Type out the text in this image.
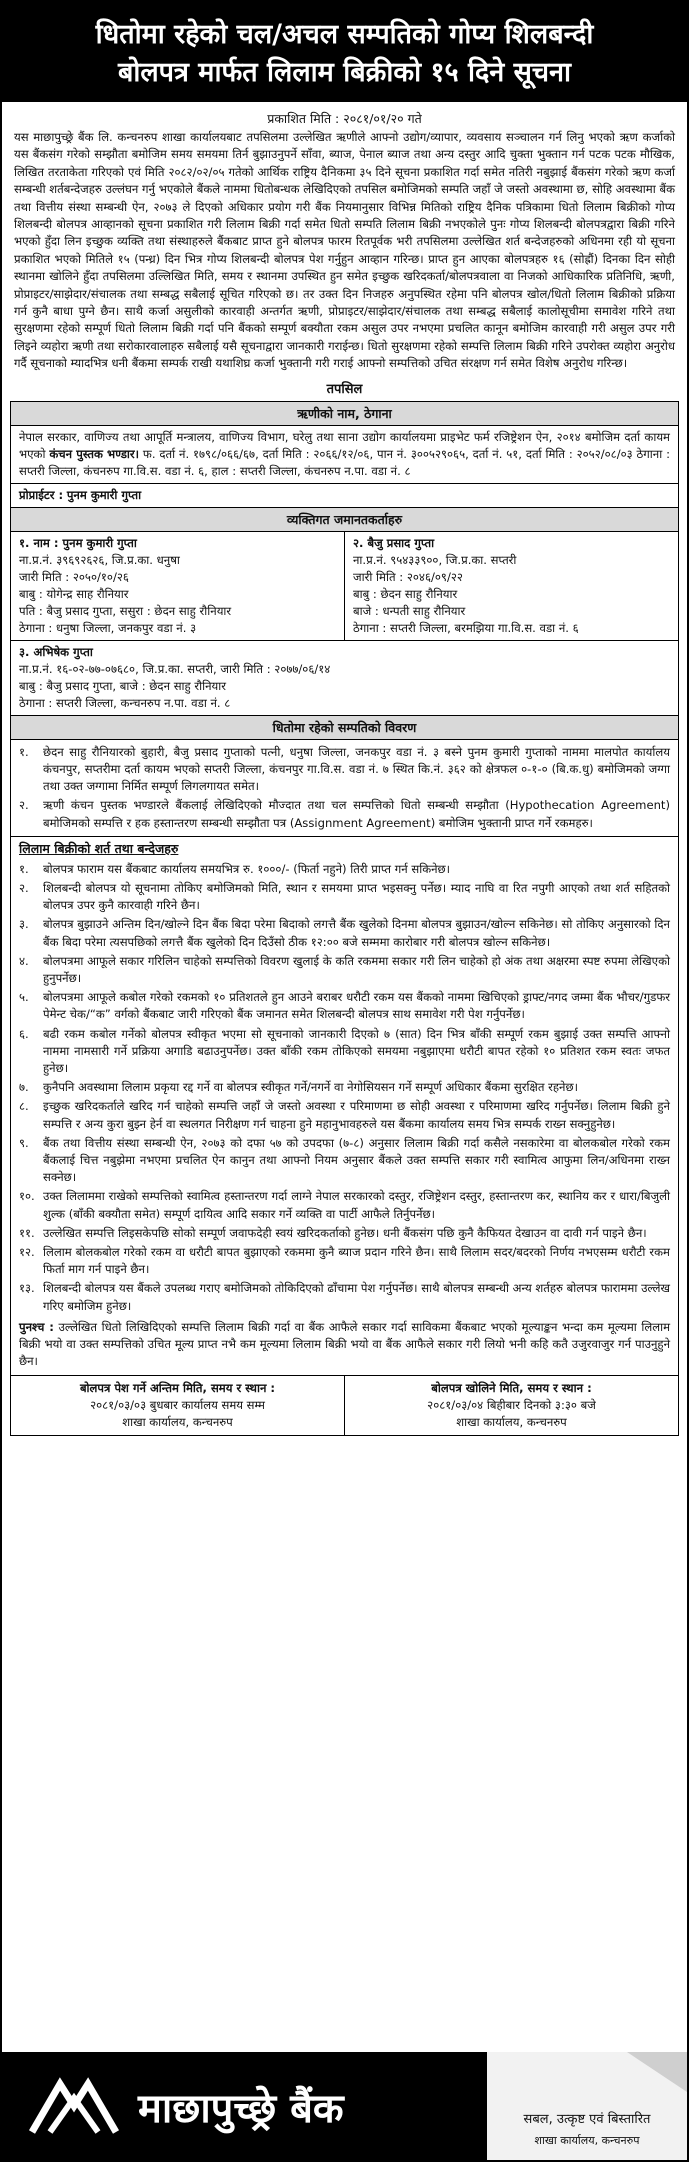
धितोमा रहेको चल/अचल सम्पतिको गोप्य शिलबन्दी
बोलपत्र मार्फत लिलाम बिक्रीको १५ दिने सूचना
प्रकाशित मिति : २०८१/०१/२० गते
यस माछापुच्छ्रे बैंक लि. कन्चनरुप शाखा कार्यालयबाट तपसिलमा उल्लेखित ऋणीले आफ्नो उद्योग/व्यापार, व्यवसाय सञ्चालन गर्न लिनु भएको ऋण कर्जाको यस बैंकसंग गरेको सम्झौता बमोजिम समय समयमा तिर्न बुझाउनुपर्ने साँवा, ब्याज, पेनाल ब्याज तथा अन्य दस्तुर आदि चुक्ता भुक्तान गर्न पटक पटक मौखिक, लिखित तरताकेता गरिएको एवं मिति २०८२/०२/०५ गतेको आर्थिक राष्ट्रिय दैनिकमा ३५ दिने सूचना प्रकाशित गर्दा समेत नतिरी नबुझाई बैंकसंग गरेको ऋण कर्जा सम्बन्धी शर्तबन्देजहरु उल्लंघन गर्नु भएकोले बैंकले नाममा धितोबन्धक लेखिदिएको तपसिल बमोजिमको सम्पति जहाँ जे जस्तो अवस्थामा छ, सोहि अवस्थामा बैंक तथा वित्तीय संस्था सम्बन्धी ऐन, २०७३ ले दिएको अधिकार प्रयोग गरी बैंक नियमानुसार विभिन्न मितिको राष्ट्रिय दैनिक पत्रिकामा धितो लिलाम बिक्रीको गोप्य शिलबन्दी बोलपत्र आव्हानको सूचना प्रकाशित गरी लिलाम बिक्री गर्दा समेत धितो सम्पति लिलाम बिक्री नभएकोले पुनः गोप्य शिलबन्दी बोलपत्रद्वारा बिक्री गरिने भएको हुँदा लिन इच्छुक व्यक्ति तथा संस्थाहरुले बैंकबाट प्राप्त हुने बोलपत्र फारम रितपूर्वक भरी तपसिलमा उल्लेखित शर्त बन्देजहरुको अधिनमा रही यो सूचना प्रकाशित भएको मितिले १५ (पन्ध्र) दिन भित्र गोप्य शिलबन्दी बोलपत्र पेश गर्नुहुन आव्हान गरिन्छ। प्राप्त हुन आएका बोलपत्रहरु १६ (सोह्रौं) दिनका दिन सोही स्थानमा खोलिने हुँदा तपसिलमा उल्लिखित मिति, समय र स्थानमा उपस्थित हुन समेत इच्छुक खरिदकर्ता/बोलपत्रवाला वा निजको आधिकारिक प्रतिनिधि, ऋणी, प्रोप्राइटर/साझेदार/संचालक तथा सम्बद्ध सबैलाई सूचित गरिएको छ। तर उक्त दिन निजहरु अनुपस्थित रहेमा पनि बोलपत्र खोल/धितो लिलाम बिक्रीको प्रक्रिया गर्न कुनै बाधा पुग्ने छैन। साथै कर्जा असुलीको कारवाही अन्तर्गत ऋणी, प्रोप्राइटर/साझेदार/संचालक तथा सम्बद्ध सबैलाई कालोसूचीमा समावेश गरिने तथा सुरक्षणमा रहेको सम्पूर्ण धितो लिलाम बिक्री गर्दा पनि बैंकको सम्पूर्ण बक्यौता रकम असुल उपर नभएमा प्रचलित कानून बमोजिम कारवाही गरी असुल उपर गरी लिइने व्यहोरा ऋणी तथा सरोकारवालाहरु सबैलाई यसै सूचनाद्वारा जानकारी गराईन्छ। धितो सुरक्षणमा रहेको सम्पत्ति लिलाम बिक्री गरिने उपरोक्त व्यहोरा अनुरोध गर्दै सूचनाको म्यादभित्र धनी बैंकमा सम्पर्क राखी यथाशिघ्र कर्जा भुक्तानी गरी गराई आफ्नो सम्पत्तिको उचित संरक्षण गर्न समेत विशेष अनुरोध गरिन्छ।
तपसिल
ऋणीको नाम, ठेगाना
नेपाल सरकार, वाणिज्य तथा आपूर्ति मन्त्रालय, वाणिज्य विभाग, घरेलु तथा साना उद्योग कार्यालयमा प्राइभेट फर्म रजिष्ट्रेशन ऐन, २०१४ बमोजिम दर्ता कायम भएको कंचन पुस्तक भण्डार। फ. दर्ता नं. १७९८/०६६/६७, दर्ता मिति : २०६६/१२/०६, पान नं. ३००५२९०६५, दर्ता नं. ५१, दर्ता मिति : २०५२/०८/०३ ठेगाना : सप्तरी जिल्ला, कंचनरुप गा.वि.स. वडा नं. ६, हाल : सप्तरी जिल्ला, कंचनरुप न.पा. वडा नं. ८
प्रोप्राईटर : पुनम कुमारी गुप्ता
व्यक्तिगत जमानतकर्ताहरु
१. नाम : पुनम कुमारी गुप्ता
ना.प्र.नं. ३९६९२६२६, जि.प्र.का. धनुषा
जारी मिति : २०५०/१०/२६
बाबु : योगेन्द्र साह रौनियार
पति : बैजु प्रसाद गुप्ता, ससुरा : छेदन साहु रौनियार
ठेगाना : धनुषा जिल्ला, जनकपुर वडा नं. ३
२. बैजु प्रसाद गुप्ता
ना.प्र.नं. ९५४३३९००, जि.प्र.का. सप्तरी
जारी मिति : २०४६/०९/२२
बाबु : छेदन साहु रौनियार
बाजे : धन्पती साहु रौनियार
ठेगाना : सप्तरी जिल्ला, बरमझिया गा.वि.स. वडा नं. ६
३. अभिषेक गुप्ता
ना.प्र.नं. १६-०२-७७-०७६८०, जि.प्र.का. सप्तरी, जारी मिति : २०७७/०६/१४
बाबु : बैजु प्रसाद गुप्ता, बाजे : छेदन साहु रौनियार
ठेगाना : सप्तरी जिल्ला, कन्चनरुप न.पा. वडा नं. ८
धितोमा रहेको सम्पतिको विवरण
१.	छेदन साहु रौनियारको बुहारी, बैजु प्रसाद गुप्ताको पत्नी, धनुषा जिल्ला, जनकपुर वडा नं. ३ बस्ने पुनम कुमारी गुप्ताको नाममा मालपोत कार्यालय कंचनपुर, सप्तरीमा दर्ता कायम भएको सप्तरी जिल्ला, कंचनपुर गा.वि.स. वडा नं. ७ स्थित कि.नं. ३६२ को क्षेत्रफल ०-१-० (बि.क.धु) बमोजिमको जग्गा तथा उक्त जग्गामा निर्मित सम्पूर्ण लिगलगायत समेत।
२.	ऋणी कंचन पुस्तक भण्डारले बैंकलाई लेखिदिएको मौज्दात तथा चल सम्पत्तिको धितो सम्बन्धी सम्झौता (Hypothecation Agreement) बमोजिमको सम्पत्ति र हक हस्तान्तरण सम्बन्धी सम्झौता पत्र (Assignment Agreement) बमोजिम भुक्तानी प्राप्त गर्ने रकमहरु।
लिलाम बिक्रीको शर्त तथा बन्देजहरु
१.	बोलपत्र फाराम यस बैंकबाट कार्यालय समयभित्र रु. १०००/- (फिर्ता नहुने) तिरी प्राप्त गर्न सकिनेछ।
२.	शिलबन्दी बोलपत्र यो सूचनामा तोकिए बमोजिमको मिति, स्थान र समयमा प्राप्त भइसक्नु पर्नेछ। म्याद नाघि वा रित नपुगी आएको तथा शर्त सहितको बोलपत्र उपर कुनै कारवाही गरिने छैन।
३.	बोलपत्र बुझाउने अन्तिम दिन/खोल्ने दिन बैंक बिदा परेमा बिदाको लगत्तै बैंक खुलेको दिनमा बोलपत्र बुझाउन/खोल्न सकिनेछ। सो तोकिए अनुसारको दिन बैंक बिदा परेमा त्यसपछिको लगत्तै बैंक खुलेको दिन दिउँसो ठीक १२:०० बजे सम्ममा कारोबार गरी बोलपत्र खोल्न सकिनेछ।
४.	बोलपत्रमा आफूले सकार गरिलिन चाहेको सम्पत्तिको विवरण खुलाई के कति रकममा सकार गरी लिन चाहेको हो अंक तथा अक्षरमा स्पष्ट रुपमा लेखिएको हुनुपर्नेछ।
५.	बोलपत्रमा आफूले कबोल गरेको रकमको १० प्रतिशतले हुन आउने बराबर धरौटी रकम यस बैंकको नाममा खिचिएको ड्राफ्ट/नगद जम्मा बैंक भौचर/गुडफर पेमेन्ट चेक/“क” वर्गको बैंकबाट जारी गरिएको बैंक जमानत समेत शिलबन्दी बोलपत्र साथ समावेश गरी पेश गर्नुपर्नेछ।
६.	बढी रकम कबोल गर्नेको बोलपत्र स्वीकृत भएमा सो सूचनाको जानकारी दिएको ७ (सात) दिन भित्र बाँकी सम्पूर्ण रकम बुझाई उक्त सम्पत्ति आफ्नो नाममा नामसारी गर्ने प्रक्रिया अगाडि बढाउनुपर्नेछ। उक्त बाँकी रकम तोकिएको समयमा नबुझाएमा धरौटी बापत रहेको १० प्रतिशत रकम स्वतः जफत हुनेछ।
७.	कुनैपनि अवस्थामा लिलाम प्रकृया रद्द गर्ने वा बोलपत्र स्वीकृत गर्ने/नगर्ने वा नेगोसियसन गर्ने सम्पूर्ण अधिकार बैंकमा सुरक्षित रहनेछ।
८.	इच्छुक खरिदकर्ताले खरिद गर्न चाहेको सम्पत्ति जहाँ जे जस्तो अवस्था र परिमाणमा छ सोही अवस्था र परिमाणमा खरिद गर्नुपर्नेछ। लिलाम बिक्री हुने सम्पत्ति र अन्य कुरा बुझ्न हेर्न वा स्थलगत निरीक्षण गर्न चाहना हुने महानुभावहरुले यस बैंकमा कार्यालय समय भित्र सम्पर्क राख्न सक्नुहुनेछ।
९.	बैंक तथा वित्तीय संस्था सम्बन्धी ऐन, २०७३ को दफा ५७ को उपदफा (७-८) अनुसार लिलाम बिक्री गर्दा कसैले नसकारेमा वा बोलकबोल गरेको रकम बैंकलाई चित्त नबुझेमा नभएमा प्रचलित ऐन कानुन तथा आफ्नो नियम अनुसार बैंकले उक्त सम्पत्ति सकार गरी स्वामित्व आफुमा लिन/अधिनमा राख्न सक्नेछ।
१०. उक्त लिलाममा राखेको सम्पत्तिको स्वामित्व हस्तान्तरण गर्दा लाग्ने नेपाल सरकारको दस्तुर, रजिष्ट्रेशन दस्तुर, हस्तान्तरण कर, स्थानिय कर र धारा/बिजुली शुल्क (बाँकी बक्यौता समेत) सम्पूर्ण दायित्व आदि सकार गर्ने व्यक्ति वा पार्टी आफैले तिर्नुपर्नेछ।
११. उल्लेखित सम्पत्ति लिइसकेपछि सोको सम्पूर्ण जवाफदेही स्वयं खरिदकर्ताको हुनेछ। धनी बैंकसंग पछि कुनै कैफियत देखाउन वा दावी गर्न पाइने छैन।
१२. लिलाम बोलकबोल गरेको रकम वा धरौटी बापत बुझाएको रकममा कुनै ब्याज प्रदान गरिने छैन। साथै लिलाम सदर/बदरको निर्णय नभएसम्म धरौटी रकम फिर्ता माग गर्न पाइने छैन।
१३. शिलबन्दी बोलपत्र यस बैंकले उपलब्ध गराए बमोजिमको तोकिदिएको ढाँचामा पेश गर्नुपर्नेछ। साथै बोलपत्र सम्बन्धी अन्य शर्तहरु बोलपत्र फाराममा उल्लेख गरिए बमोजिम हुनेछ।
पुनश्च : उल्लेखित धितो लिखिदिएको सम्पत्ति लिलाम बिक्री गर्दा वा बैंक आफैले सकार गर्दा साविकमा बैंकबाट भएको मूल्याङ्कन भन्दा कम मूल्यमा लिलाम बिक्री भयो वा उक्त सम्पत्तिको उचित मूल्य प्राप्त नभै कम मूल्यमा लिलाम बिक्री भयो वा बैंक आफैले सकार गरी लियो भनी कहि कतै उजुरवाजुर गर्न पाउनुहुने छैन।
बोलपत्र पेश गर्ने अन्तिम मिति, समय र स्थान :
२०८१/०३/०३ बुधबार कार्यालय समय सम्म
शाखा कार्यालय, कन्चनरुप
बोलपत्र खोलिने मिति, समय र स्थान :
२०८१/०३/०४ बिहीबार दिनको ३:३० बजे
शाखा कार्यालय, कन्चनरुप
माछापुच्छ्रे बैंक	सबल, उत्कृष्ट एवं बिस्तारित
शाखा कार्यालय, कन्चनरुप
